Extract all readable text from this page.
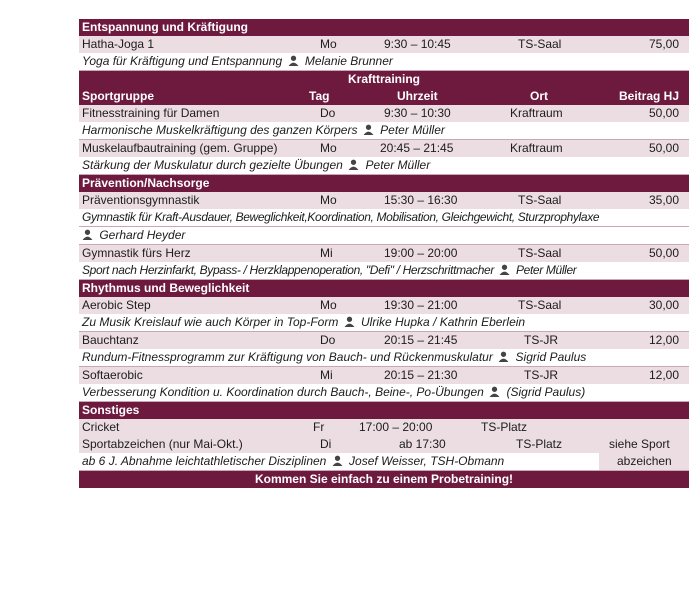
Entspannung und Kräftigung
Hatha-Joga 1	Mo	9:30 – 10:45	TS-Saal	75,00
Yoga für Kräftigung und Entspannung Melanie Brunner
Krafttraining
Sportgruppe	Tag	Uhrzeit	Ort	Beitrag HJ
Fitnesstraining für Damen	Do	9:30 – 10:30	Kraftraum	50,00
Harmonische Muskelkräftigung des ganzen Körpers Peter Müller
Muskelaufbautraining (gem. Gruppe)	Mo	20:45 – 21:45	Kraftraum	50,00
Stärkung der Muskulatur durch gezielte Übungen Peter Müller
Prävention/Nachsorge
Präventionsgymnastik	Mo	15:30 – 16:30	TS-Saal	35,00
Gymnastik für Kraft-Ausdauer, Beweglichkeit,Koordination, Mobilisation, Gleichgewicht, Sturzprophylaxe
Gerhard Heyder
Gymnastik fürs Herz	Mi	19:00 – 20:00	TS-Saal	50,00
Sport nach Herzinfarkt, Bypass- / Herzklappenoperation, "Defi" / Herzschrittmacher Peter Müller
Rhythmus und Beweglichkeit
Aerobic Step	Mo	19:30 – 21:00	TS-Saal	30,00
Zu Musik Kreislauf wie auch Körper in Top-Form Ulrike Hupka / Kathrin Eberlein
Bauchtanz	Do	20:15 – 21:45	TS-JR	12,00
Rundum-Fitnessprogramm zur Kräftigung von Bauch- und Rückenmuskulatur Sigrid Paulus
Softaerobic	Mi	20:15 – 21:30	TS-JR	12,00
Verbesserung Kondition u. Koordination durch Bauch-, Beine-, Po-Übungen (Sigrid Paulus)
Sonstiges
Cricket	Fr	17:00 – 20:00	TS-Platz
Sportabzeichen (nur Mai-Okt.)	Di	ab 17:30	TS-Platz	siehe Sport
ab 6 J. Abnahme leichtathletischer Disziplinen Josef Weisser, TSH-Obmann	abzeichen
Kommen Sie einfach zu einem Probetraining!
